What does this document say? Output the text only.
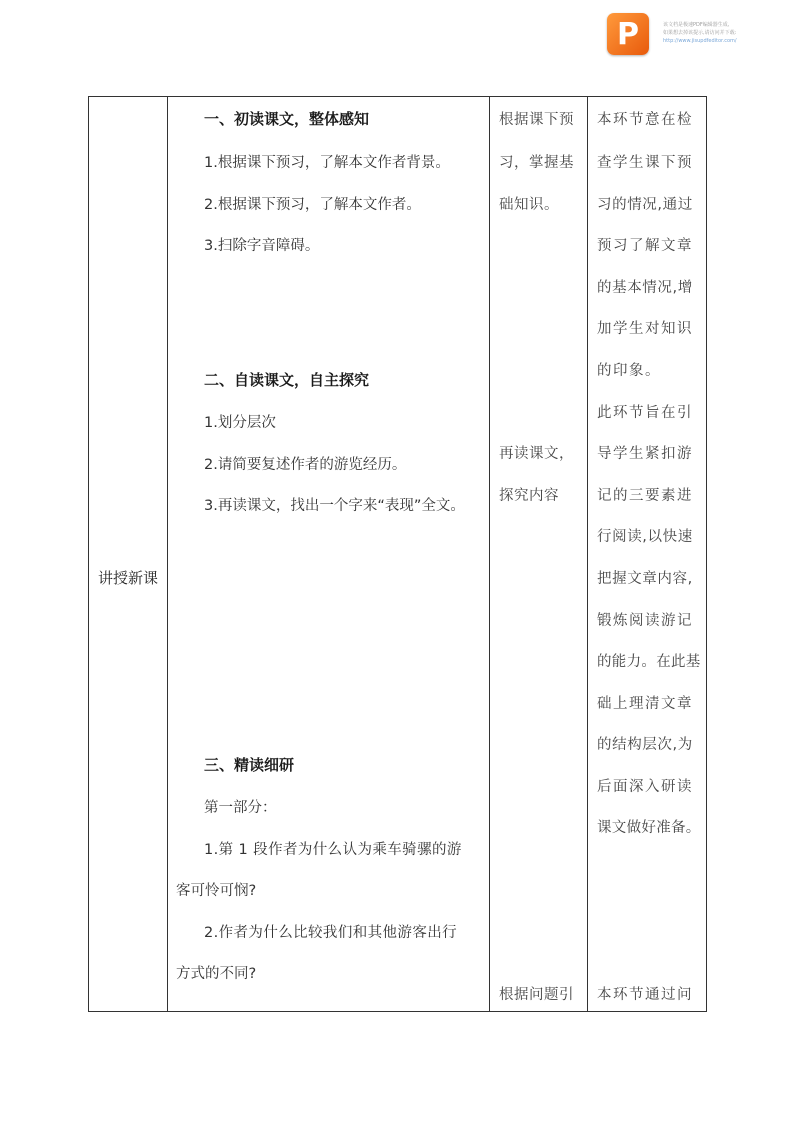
P	该文档是极速PDF编辑器生成,
如果想去掉该提示,请访问并下载:
http://www.jisupdfeditor.com/
讲授新课
一、初读课文，整体感知
1.根据课下预习，了解本文作者背景。
2.根据课下预习，了解本文作者。
3.扫除字音障碍。
二、自读课文，自主探究
1.划分层次
2.请简要复述作者的游览经历。
3.再读课文，找出一个字来“表现”全文。
三、精读细研
第一部分：
1.第 1 段作者为什么认为乘车骑骡的游
客可怜可悯?
2.作者为什么比较我们和其他游客出行
方式的不同?
根据课下预
习，掌握基
础知识。
再读课文，
探究内容
根据问题引
本环节意在检
查学生课下预
习的情况,通过
预习了解文章
的基本情况,增
加学生对知识
的印象。
此环节旨在引
导学生紧扣游
记的三要素进
行阅读,以快速
把握文章内容,
锻炼阅读游记
的能力。在此基
础上理清文章
的结构层次,为
后面深入研读
课文做好准备。
本环节通过问
